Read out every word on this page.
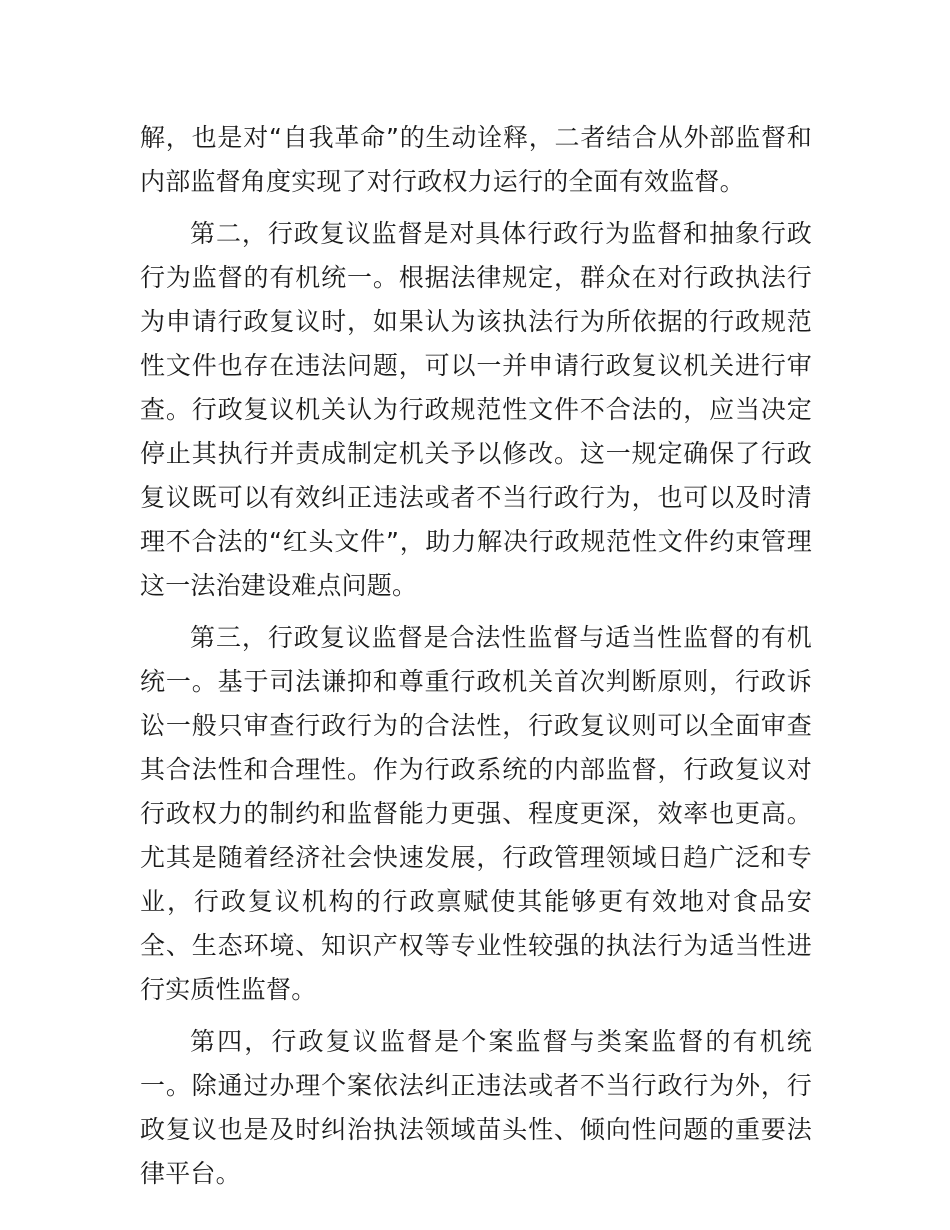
解，也是对“自我革命”的生动诠释，二者结合从外部监督和内部监督角度实现了对行政权力运行的全面有效监督。

第二，行政复议监督是对具体行政行为监督和抽象行政行为监督的有机统一。根据法律规定，群众在对行政执法行为申请行政复议时，如果认为该执法行为所依据的行政规范性文件也存在违法问题，可以一并申请行政复议机关进行审查。行政复议机关认为行政规范性文件不合法的，应当决定停止其执行并责成制定机关予以修改。这一规定确保了行政复议既可以有效纠正违法或者不当行政行为，也可以及时清理不合法的“红头文件”，助力解决行政规范性文件约束管理这一法治建设难点问题。

第三，行政复议监督是合法性监督与适当性监督的有机统一。基于司法谦抑和尊重行政机关首次判断原则，行政诉讼一般只审查行政行为的合法性，行政复议则可以全面审查其合法性和合理性。作为行政系统的内部监督，行政复议对行政权力的制约和监督能力更强、程度更深，效率也更高。尤其是随着经济社会快速发展，行政管理领域日趋广泛和专业，行政复议机构的行政禀赋使其能够更有效地对食品安全、生态环境、知识产权等专业性较强的执法行为适当性进行实质性监督。

第四，行政复议监督是个案监督与类案监督的有机统一。除通过办理个案依法纠正违法或者不当行政行为外，行政复议也是及时纠治执法领域苗头性、倾向性问题的重要法律平台。
